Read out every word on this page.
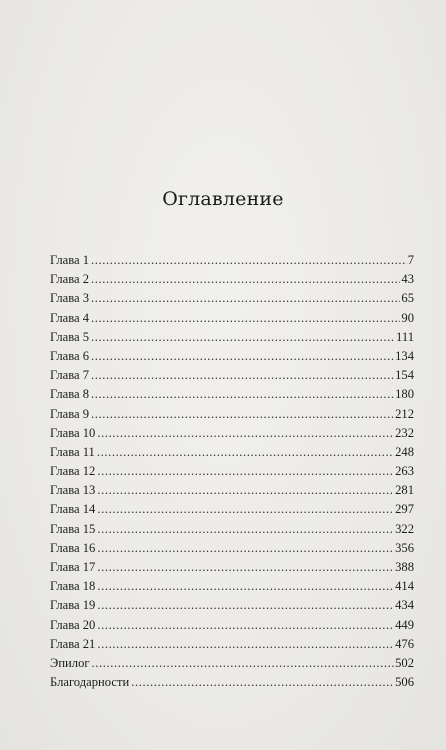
Оглавление
Глава 1 .....	7
Глава 2 .....	43
Глава 3 .....	65
Глава 4 .....	90
Глава 5 .....	111
Глава 6 .....	134
Глава 7 .....	154
Глава 8 .....	180
Глава 9 .....	212
Глава 10 .....	232
Глава 11 .....	248
Глава 12 .....	263
Глава 13 .....	281
Глава 14 .....	297
Глава 15 .....	322
Глава 16 .....	356
Глава 17 .....	388
Глава 18 .....	414
Глава 19 .....	434
Глава 20 .....	449
Глава 21 .....	476
Эпилог .....	502
Благодарности .....	506
